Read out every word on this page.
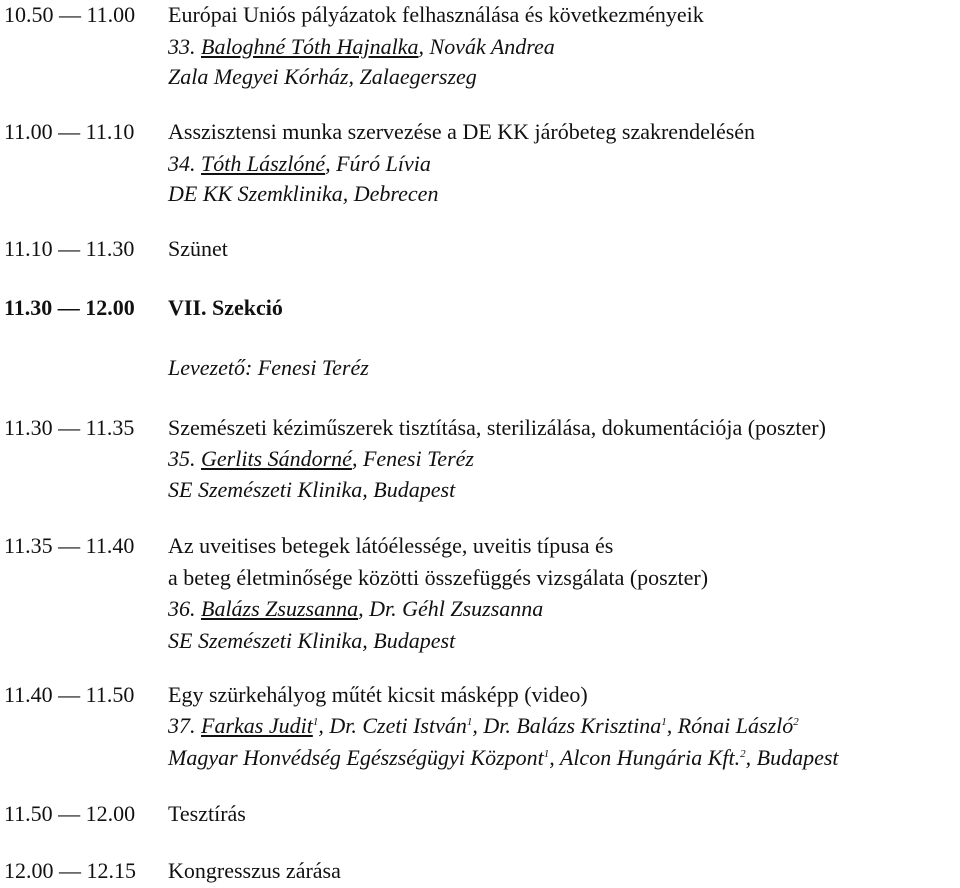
10.50 — 11.00 Európai Uniós pályázatok felhasználása és következményeik
33. Baloghné Tóth Hajnalka, Novák Andrea
Zala Megyei Kórház, Zalaegerszeg
11.00 — 11.10 Asszisztensi munka szervezése a DE KK járóbeteg szakrendelésén
34. Tóth Lászlóné, Fúró Lívia
DE KK Szemklinika, Debrecen
11.10 — 11.30 Szünet
11.30 — 12.00 VII. Szekció
Levezető: Fenesi Teréz
11.30 — 11.35 Szemészeti kéziműszerek tisztítása, sterilizálása, dokumentációja (poszter)
35. Gerlits Sándorné, Fenesi Teréz
SE Szemészeti Klinika, Budapest
11.35 — 11.40 Az uveitises betegek látóélessége, uveitis típusa és
a beteg életminősége közötti összefüggés vizsgálata (poszter)
36. Balázs Zsuzsanna, Dr. Géhl Zsuzsanna
SE Szemészeti Klinika, Budapest
11.40 — 11.50 Egy szürkehályog műtét kicsit másképp (video)
37. Farkas Judit$^1$, Dr. Czeti István$^1$, Dr. Balázs Krisztina$^1$, Rónai László$^2$
Magyar Honvédség Egészségügyi Központ$^1$, Alcon Hungária Kft.$^2$, Budapest
11.50 — 12.00 Tesztírás
12.00 — 12.15 Kongresszus zárása
